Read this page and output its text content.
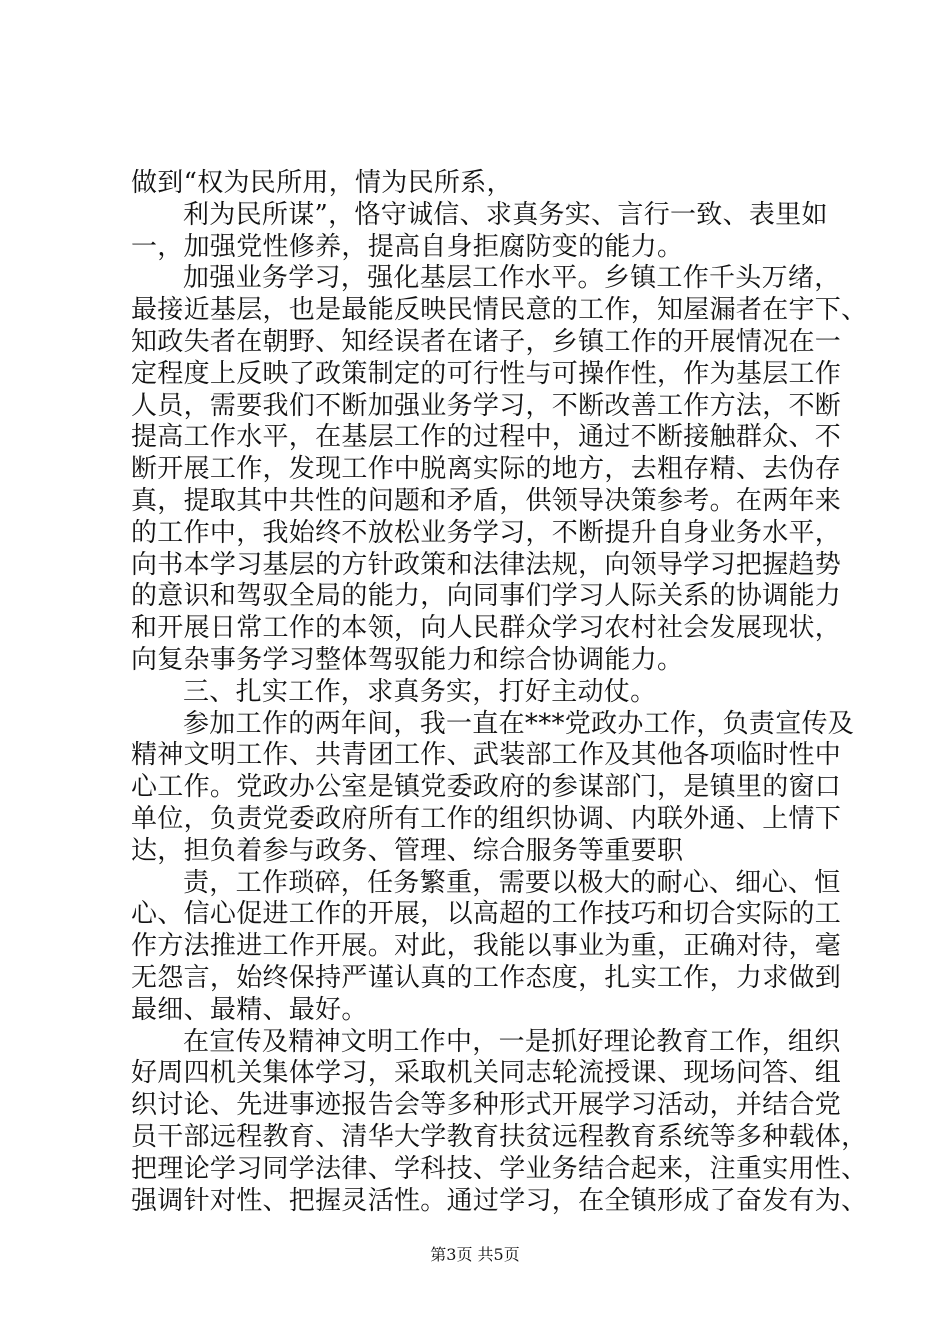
做到“权为民所用，情为民所系，
利为民所谋”，恪守诚信、求真务实、言行一致、表里如
一，加强党性修养，提高自身拒腐防变的能力。
加强业务学习，强化基层工作水平。乡镇工作千头万绪，
最接近基层，也是最能反映民情民意的工作，知屋漏者在宇下、
知政失者在朝野、知经误者在诸子，乡镇工作的开展情况在一
定程度上反映了政策制定的可行性与可操作性，作为基层工作
人员，需要我们不断加强业务学习，不断改善工作方法，不断
提高工作水平，在基层工作的过程中，通过不断接触群众、不
断开展工作，发现工作中脱离实际的地方，去粗存精、去伪存
真，提取其中共性的问题和矛盾，供领导决策参考。在两年来
的工作中，我始终不放松业务学习，不断提升自身业务水平，
向书本学习基层的方针政策和法律法规，向领导学习把握趋势
的意识和驾驭全局的能力，向同事们学习人际关系的协调能力
和开展日常工作的本领，向人民群众学习农村社会发展现状，
向复杂事务学习整体驾驭能力和综合协调能力。
三、扎实工作，求真务实，打好主动仗。
参加工作的两年间，我一直在***党政办工作，负责宣传及
精神文明工作、共青团工作、武装部工作及其他各项临时性中
心工作。党政办公室是镇党委政府的参谋部门，是镇里的窗口
单位，负责党委政府所有工作的组织协调、内联外通、上情下
达，担负着参与政务、管理、综合服务等重要职
责，工作琐碎，任务繁重，需要以极大的耐心、细心、恒
心、信心促进工作的开展，以高超的工作技巧和切合实际的工
作方法推进工作开展。对此，我能以事业为重，正确对待，毫
无怨言，始终保持严谨认真的工作态度，扎实工作，力求做到
最细、最精、最好。
在宣传及精神文明工作中，一是抓好理论教育工作，组织
好周四机关集体学习，采取机关同志轮流授课、现场问答、组
织讨论、先进事迹报告会等多种形式开展学习活动，并结合党
员干部远程教育、清华大学教育扶贫远程教育系统等多种载体，
把理论学习同学法律、学科技、学业务结合起来，注重实用性、
强调针对性、把握灵活性。通过学习，在全镇形成了奋发有为、
第3页 共5页
